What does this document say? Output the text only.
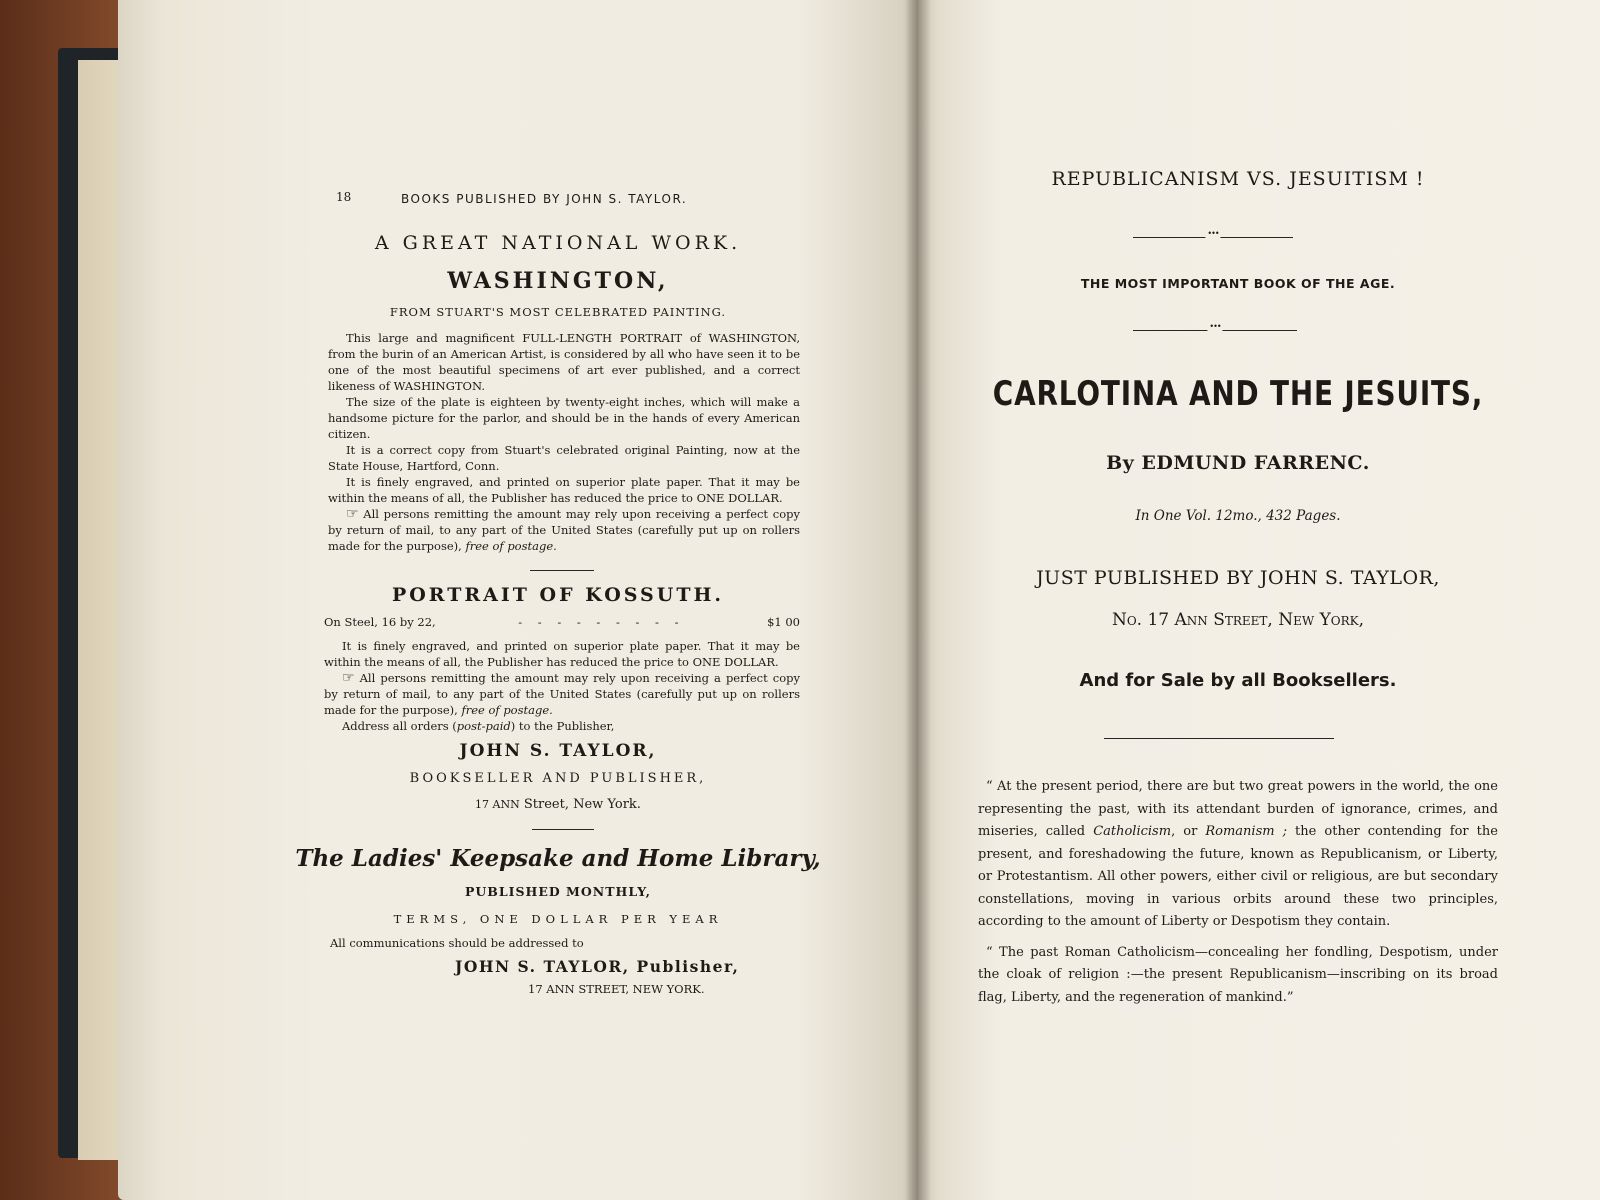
18	BOOKS PUBLISHED BY JOHN S. TAYLOR.
A GREAT NATIONAL WORK.
WASHINGTON,
FROM STUART'S MOST CELEBRATED PAINTING.

This large and magnificent FULL-LENGTH PORTRAIT of WASHINGTON, from the burin of an American Artist, is considered by all who have seen it to be one of the most beautiful specimens of art ever published, and a correct likeness of WASHINGTON.

The size of the plate is eighteen by twenty-eight inches, which will make a handsome picture for the parlor, and should be in the hands of every American citizen.

It is a correct copy from Stuart's celebrated original Painting, now at the State House, Hartford, Conn.

It is finely engraved, and printed on superior plate paper. That it may be within the means of all, the Publisher has reduced the price to ONE DOLLAR.

☞ All persons remitting the amount may rely upon receiving a perfect copy by return of mail, to any part of the United States (carefully put up on rollers made for the purpose), free of postage.

PORTRAIT OF KOSSUTH.
On Steel, 16 by 22,	- - - - - - - - -	$1 00

It is finely engraved, and printed on superior plate paper. That it may be within the means of all, the Publisher has reduced the price to ONE DOLLAR.

☞ All persons remitting the amount may rely upon receiving a perfect copy by return of mail, to any part of the United States (carefully put up on rollers made for the purpose), free of postage.

Address all orders (post-paid) to the Publisher,

JOHN S. TAYLOR,
BOOKSELLER AND PUBLISHER,
17 ANN Street, New York.
The Ladies' Keepsake and Home Library,
PUBLISHED MONTHLY,
TERMS, ONE DOLLAR PER YEAR
All communications should be addressed to
JOHN S. TAYLOR, Publisher,
17 ANN STREET, NEW YORK.
REPUBLICANISM VS. JESUITISM !
•••
THE MOST IMPORTANT BOOK OF THE AGE.
•••
CARLOTINA AND THE JESUITS,
By EDMUND FARRENC.
In One Vol. 12mo., 432 Pages.
JUST PUBLISHED BY JOHN S. TAYLOR,
No. 17 Ann Street, New York,
And for Sale by all Booksellers.

“ At the present period, there are but two great powers in the world, the one representing the past, with its attendant burden of ignorance, crimes, and miseries, called Catholicism, or Romanism ; the other contending for the present, and foreshadowing the future, known as Republicanism, or Liberty, or Protestantism. All other powers, either civil or religious, are but secondary constellations, moving in various orbits around these two principles, according to the amount of Liberty or Despotism they contain.

“ The past Roman Catholicism—concealing her fondling, Despotism, under the cloak of religion :—the present Republicanism—inscribing on its broad flag, Liberty, and the regeneration of mankind.”
